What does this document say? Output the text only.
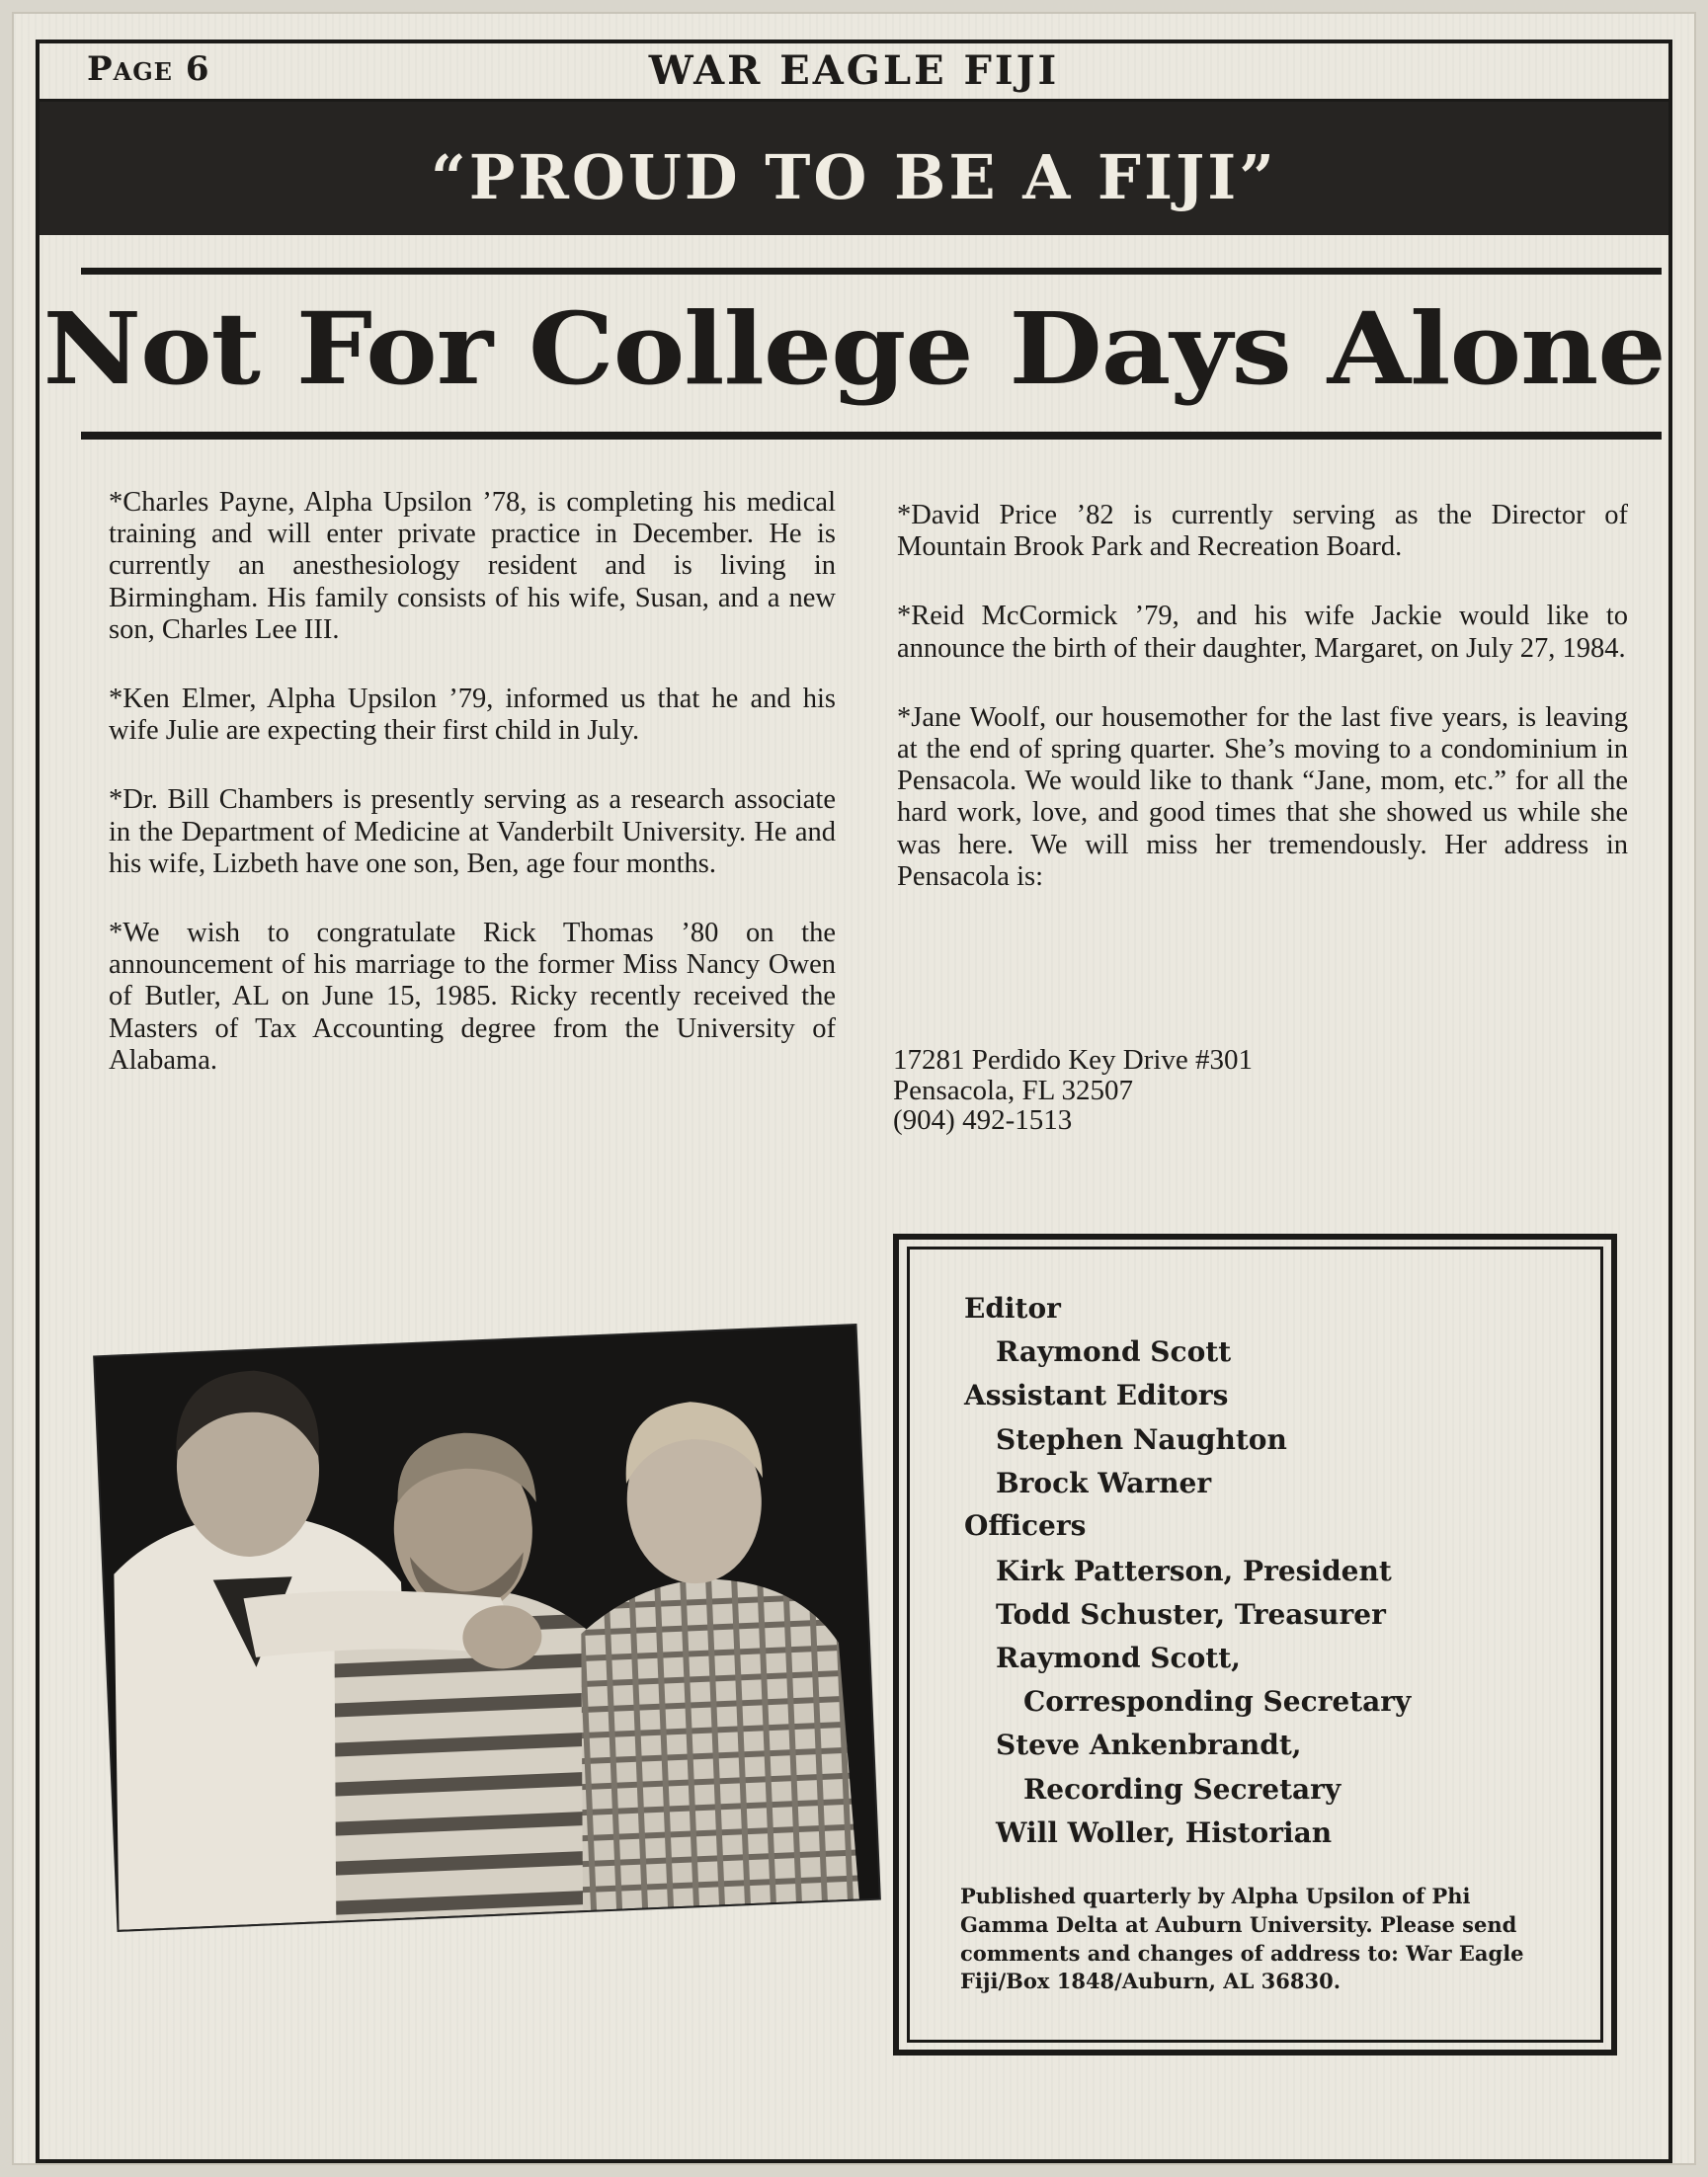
Page 6	WAR EAGLE FIJI
“PROUD TO BE A FIJI”
Not For College Days Alone

*Charles Payne, Alpha Upsilon ’78, is completing his medical training and will enter private practice in December. He is currently an anesthesiology resident and is living in Birmingham. His family consists of his wife, Susan, and a new son, Charles Lee III.

*Ken Elmer, Alpha Upsilon ’79, informed us that he and his wife Julie are expecting their first child in July.

*Dr. Bill Chambers is presently serving as a research associate in the Department of Medicine at Vanderbilt University. He and his wife, Lizbeth have one son, Ben, age four months.

*We wish to congratulate Rick Thomas ’80 on the announcement of his marriage to the former Miss Nancy Owen of Butler, AL on June 15, 1985. Ricky recently received the Masters of Tax Accounting degree from the University of Alabama.

*David Price ’82 is currently serving as the Director of Mountain Brook Park and Recreation Board.

*Reid McCormick ’79, and his wife Jackie would like to announce the birth of their daughter, Margaret, on July 27, 1984.

*Jane Woolf, our housemother for the last five years, is leaving at the end of spring quarter. She’s moving to a condominium in Pensacola. We would like to thank “Jane, mom, etc.” for all the hard work, love, and good times that she showed us while she was here. We will miss her tremendously. Her address in Pensacola is:

17281 Perdido Key Drive #301
Pensacola, FL 32507
(904) 492-1513
Editor
Raymond Scott
Assistant Editors
Stephen Naughton
Brock Warner
Officers
Kirk Patterson, President
Todd Schuster, Treasurer
Raymond Scott,
Corresponding Secretary
Steve Ankenbrandt,
Recording Secretary
Will Woller, Historian
Published quarterly by Alpha Upsilon of Phi Gamma Delta at Auburn University. Please send comments and changes of address to: War Eagle Fiji/Box 1848/Auburn, AL 36830.
